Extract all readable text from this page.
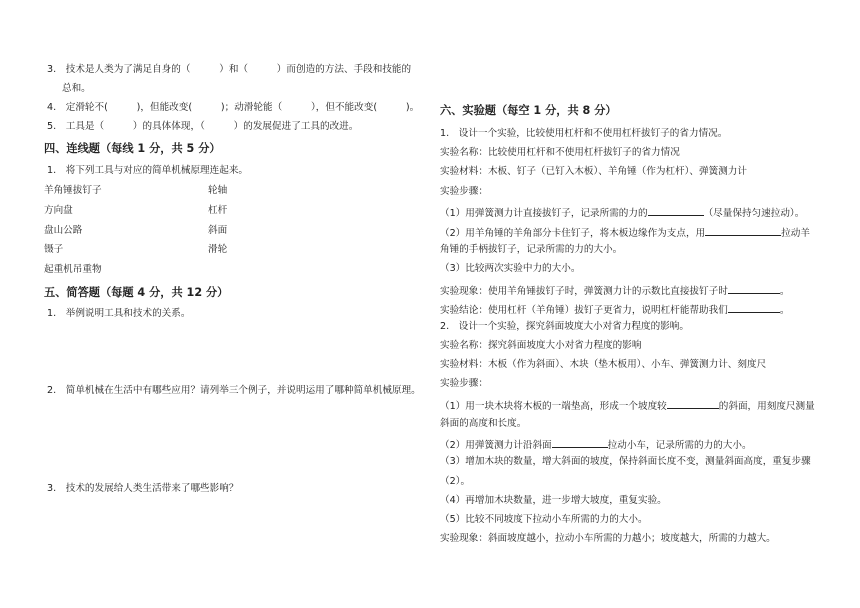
3.　技术是人类为了满足自身的（　　　）和（　　　）而创造的方法、手段和技能的
总和。
4.　定滑轮不(　　　)，但能改变(　　　)；动滑轮能（　　　），但不能改变(　　　)。
5.　工具是（　　　）的具体体现，（　　　）的发展促进了工具的改进。
四、连线题（每线 1 分，共 5 分）
1.　将下列工具与对应的简单机械原理连起来。
羊角锤拔钉子
方向盘
盘山公路
镊子
起重机吊重物
轮轴
杠杆
斜面
滑轮
五、简答题（每题 4 分，共 12 分）
1.　举例说明工具和技术的关系。
2.　简单机械在生活中有哪些应用？请列举三个例子，并说明运用了哪种简单机械原理。
3.　技术的发展给人类生活带来了哪些影响？
六、实验题（每空 1 分，共 8 分）
1.　设计一个实验，比较使用杠杆和不使用杠杆拔钉子的省力情况。
实验名称：比较使用杠杆和不使用杠杆拔钉子的省力情况
实验材料：木板、钉子（已钉入木板）、羊角锤（作为杠杆）、弹簧测力计
实验步骤：
（1）用弹簧测力计直接拔钉子，记录所需的力的	（尽量保持匀速拉动）。
（2）用羊角锤的羊角部分卡住钉子，将木板边缘作为支点，用	拉动羊
角锤的手柄拔钉子，记录所需的力的大小。
（3）比较两次实验中力的大小。
实验现象：使用羊角锤拔钉子时，弹簧测力计的示数比直接拔钉子时	。
实验结论：使用杠杆（羊角锤）拔钉子更省力，说明杠杆能帮助我们	。
2.　设计一个实验，探究斜面坡度大小对省力程度的影响。
实验名称：探究斜面坡度大小对省力程度的影响
实验材料：木板（作为斜面）、木块（垫木板用）、小车、弹簧测力计、刻度尺
实验步骤：
（1）用一块木块将木板的一端垫高，形成一个坡度较	的斜面，用刻度尺测量
斜面的高度和长度。
（2）用弹簧测力计沿斜面	拉动小车，记录所需的力的大小。
（3）增加木块的数量，增大斜面的坡度，保持斜面长度不变，测量斜面高度，重复步骤
（2）。
（4）再增加木块数量，进一步增大坡度，重复实验。
（5）比较不同坡度下拉动小车所需的力的大小。
实验现象：斜面坡度越小，拉动小车所需的力越小；坡度越大，所需的力越大。
